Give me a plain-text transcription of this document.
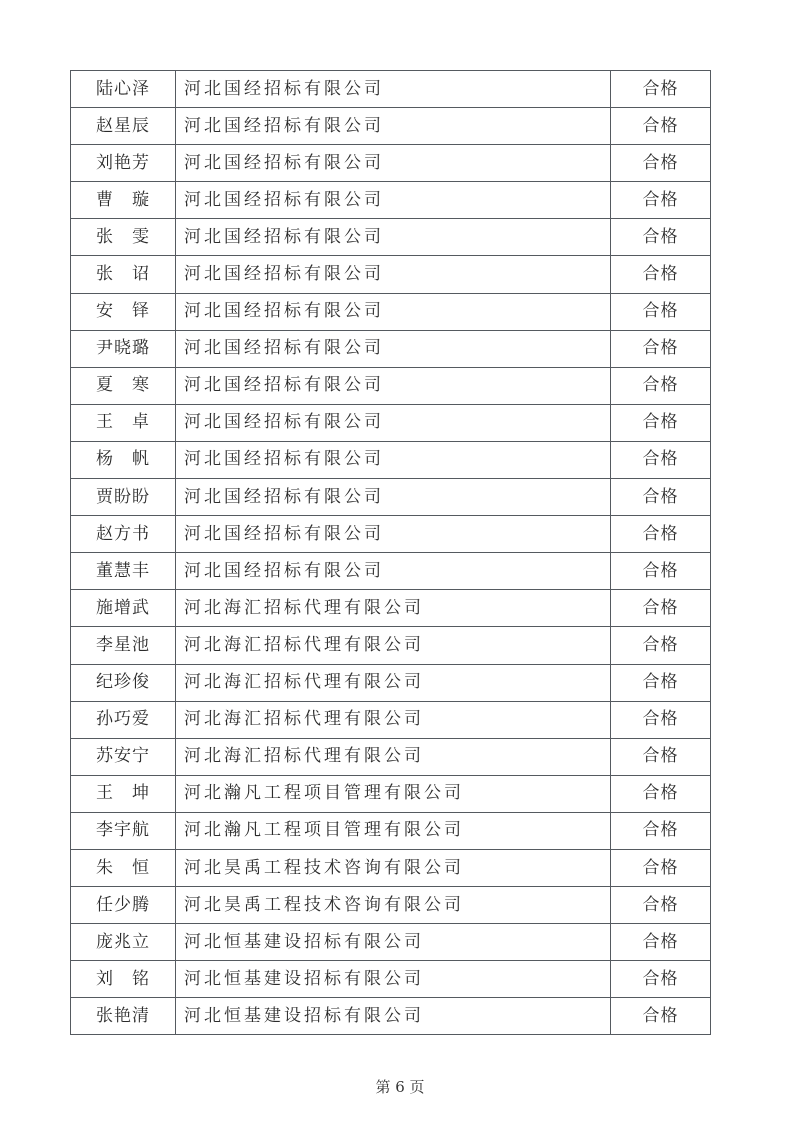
陆心泽	河北国经招标有限公司	合格
赵星辰	河北国经招标有限公司	合格
刘艳芳	河北国经招标有限公司	合格
曹　璇	河北国经招标有限公司	合格
张　雯	河北国经招标有限公司	合格
张　诏	河北国经招标有限公司	合格
安　铎	河北国经招标有限公司	合格
尹晓璐	河北国经招标有限公司	合格
夏　寒	河北国经招标有限公司	合格
王　卓	河北国经招标有限公司	合格
杨　帆	河北国经招标有限公司	合格
贾盼盼	河北国经招标有限公司	合格
赵方书	河北国经招标有限公司	合格
董慧丰	河北国经招标有限公司	合格
施增武	河北海汇招标代理有限公司	合格
李星池	河北海汇招标代理有限公司	合格
纪珍俊	河北海汇招标代理有限公司	合格
孙巧爱	河北海汇招标代理有限公司	合格
苏安宁	河北海汇招标代理有限公司	合格
王　坤	河北瀚凡工程项目管理有限公司	合格
李宇航	河北瀚凡工程项目管理有限公司	合格
朱　恒	河北昊禹工程技术咨询有限公司	合格
任少腾	河北昊禹工程技术咨询有限公司	合格
庞兆立	河北恒基建设招标有限公司	合格
刘　铭	河北恒基建设招标有限公司	合格
张艳清	河北恒基建设招标有限公司	合格
第 6 页
